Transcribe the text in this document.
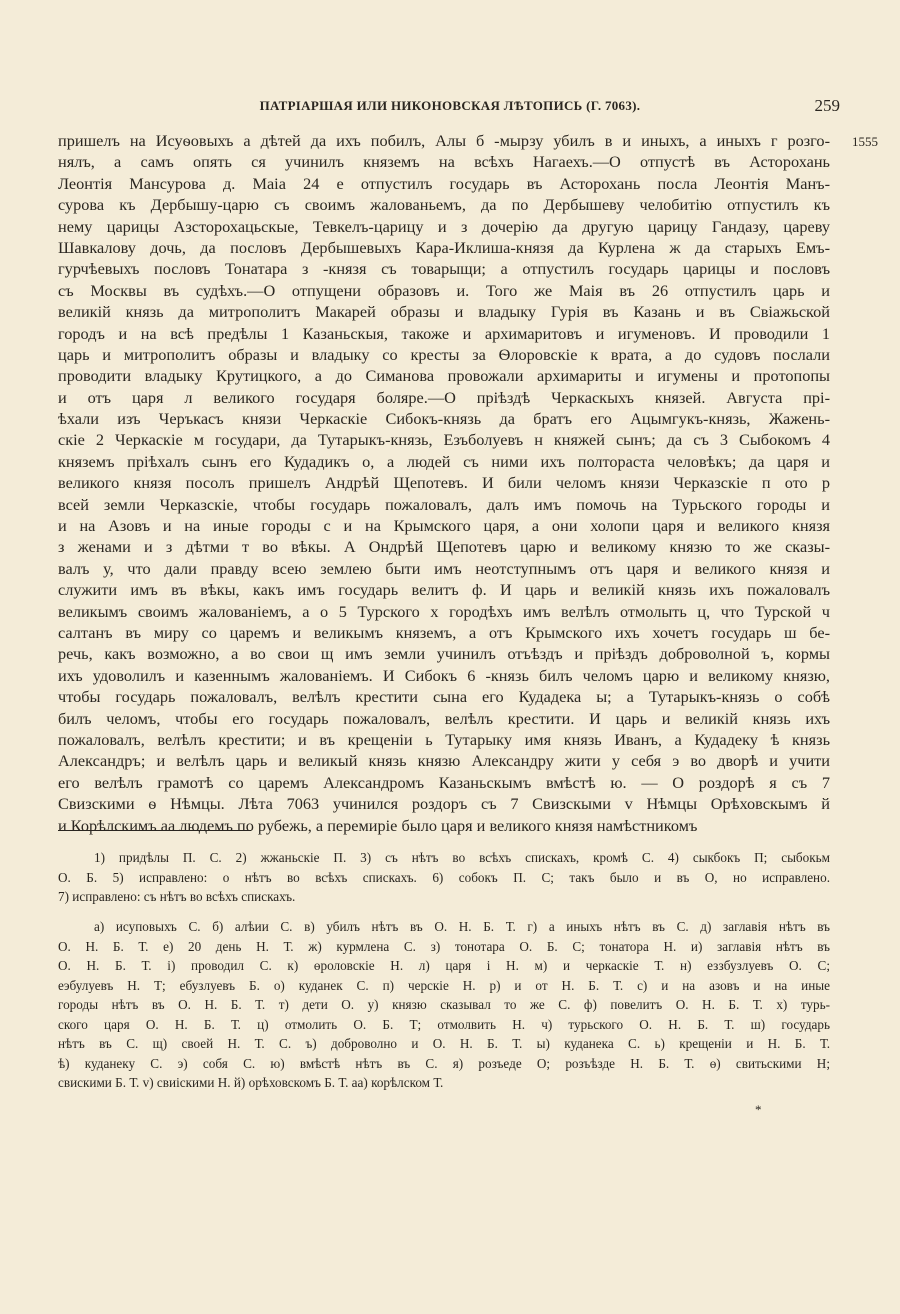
ПАТРІАРШАЯ ИЛИ НИКОНОВСКАЯ ЛѢТОПИСЬ (Г. 7063).	259
1555
пришелъ на Исуѳовыхъ а дѣтей да ихъ побилъ, Алы б -мырзу убилъ в и иныхъ, а иныхъ г розго-
нялъ, а самъ опять ся учинилъ княземъ на всѣхъ Нагаехъ.—О отпустѣ въ Асторохань
Леонтія Мансурова д. Маіа 24 е отпустилъ государь въ Асторохань посла Леонтія Манъ-
сурова къ Дербышу-царю съ своимъ жалованьемъ, да по Дербышеву челобитію отпустилъ къ
нему царицы Азсторохацьскые, Тевкелъ-царицу и з дочерію да другую царицу Гандазу, цареву
Шавкалову дочь, да пословъ Дербышевыхъ Кара-Иклиша-князя да Курлена ж да старыхъ Емъ-
гурчѣевыхъ пословъ Тонатара з -князя съ товарыщи; а отпустилъ государь царицы и пословъ
съ Москвы въ судѣхъ.—О отпущени образовъ и. Того же Маія въ 26 отпустилъ царь и
великій князь да митрополитъ Макарей образы и владыку Гурія въ Казань и въ Свіажьской
городъ и на всѣ предѣлы 1 Казаньскыя, такоже и архимаритовъ и игуменовъ. И проводили 1
царь и митрополитъ образы и владыку со кресты за Ѳлоровскіе к врата, а до судовъ послали
проводити владыку Крутицкого, а до Симанова провожали архимариты и игумены и протопопы
и отъ царя л великого государя боляре.—О пріѣздѣ Черкаскыхъ князей. Августа прі-
ѣхали изъ Черъкасъ князи Черкаскіе Сибокъ-князь да братъ его Ацымгукъ-князь, Жажень-
скіе 2 Черкаскіе м государи, да Тутарыкъ-князь, Езъболуевъ н княжей сынъ; да съ 3 Сыбокомъ 4
княземъ пріѣхалъ сынъ его Кудадикъ о, а людей съ ними ихъ полтораста человѣкъ; да царя и
великого князя посолъ пришелъ Андрѣй Щепотевъ. И били челомъ князи Черказскіе п ото р
всей земли Черказскіе, чтобы государь пожаловалъ, далъ имъ помочь на Турьского городы и
и на Азовъ и на иные городы с и на Крымского царя, а они холопи царя и великого князя
з женами и з дѣтми т во вѣкы. А Ондрѣй Щепотевъ царю и великому князю то же сказы-
валъ у, что дали правду всею землею быти имъ неотступнымъ отъ царя и великого князя и
служити имъ въ вѣкы, какъ имъ государь велитъ ф. И царь и великій князь ихъ пожаловалъ
великымъ своимъ жалованіемъ, а о 5 Турского х городѣхъ имъ велѣлъ отмолыть ц, что Турской ч
салтанъ въ миру со царемъ и великымъ княземъ, а отъ Крымского ихъ хочетъ государь ш бе-
речь, какъ возможно, а во свои щ имъ земли учинилъ отъѣздъ и пріѣздъ доброволной ъ, кормы
ихъ удоволилъ и казеннымъ жалованіемъ. И Сибокъ 6 -князь билъ челомъ царю и великому князю,
чтобы государь пожаловалъ, велѣлъ крестити сына его Кудадека ы; а Тутарыкъ-князь о собѣ
билъ челомъ, чтобы его государь пожаловалъ, велѣлъ крестити. И царь и великій князь ихъ
пожаловалъ, велѣлъ крестити; и въ крещеніи ь Тутарыку имя князь Иванъ, а Кудадеку ѣ князь
Александръ; и велѣлъ царь и великый князь князю Александру жити у себя э во дворѣ и учити
его велѣлъ грамотѣ со царемъ Александромъ Казаньскымъ вмѣстѣ ю. — О роздорѣ я съ 7
Свизскими ѳ Нѣмцы. Лѣта 7063 учинился роздоръ съ 7 Свизскыми v Нѣмцы Орѣховскымъ й
и Корѣлскимъ аа людемъ по рубежь, а перемиріе было царя и великого князя намѣстникомъ
1) придѣлы П. С. 2) жжаньскіе П. 3) съ нѣтъ во всѣхъ спискахъ, кромѣ С. 4) сыкбокъ П; сыбокьм
О. Б. 5) исправлено: о нѣтъ во всѣхъ спискахъ. 6) собокъ П. С; такъ было и въ О, но исправлено.
7) исправлено: съ нѣтъ во всѣхъ спискахъ.
а) исуповыхъ С. б) алѣии С. в) убилъ нѣтъ въ О. Н. Б. Т. г) а иныхъ нѣтъ въ С. д) заглавія нѣтъ въ
О. Н. Б. Т. е) 20 день Н. Т. ж) курмлена С. з) тонотара О. Б. С; тонатора Н. и) заглавія нѣтъ въ
О. Н. Б. Т. і) проводил С. к) ѳроловскіе Н. л) царя і Н. м) и черкаскіе Т. н) еззбузлуевъ О. С;
еэбулуевъ Н. Т; ебузлуевъ Б. о) куданек С. п) черскіе Н. р) и от Н. Б. Т. с) и на азовъ и на иные
городы нѣтъ въ О. Н. Б. Т. т) дети О. у) князю сказывал то же С. ф) повелитъ О. Н. Б. Т. х) турь-
ского царя О. Н. Б. Т. ц) отмолить О. Б. Т; отмолвить Н. ч) турьского О. Н. Б. Т. ш) государь
нѣтъ въ С. щ) своей Н. Т. С. ъ) доброволно и О. Н. Б. Т. ы) куданека С. ь) крещеніи и Н. Б. Т.
ѣ) куданеку С. э) собя С. ю) вмѣстѣ нѣтъ въ С. я) розъеде О; розъѣзде Н. Б. Т. ѳ) свитьскими Н;
свискими Б. Т. v) свиіскими Н. й) орѣховскомъ Б. Т. аа) корѣлском Т.
*
